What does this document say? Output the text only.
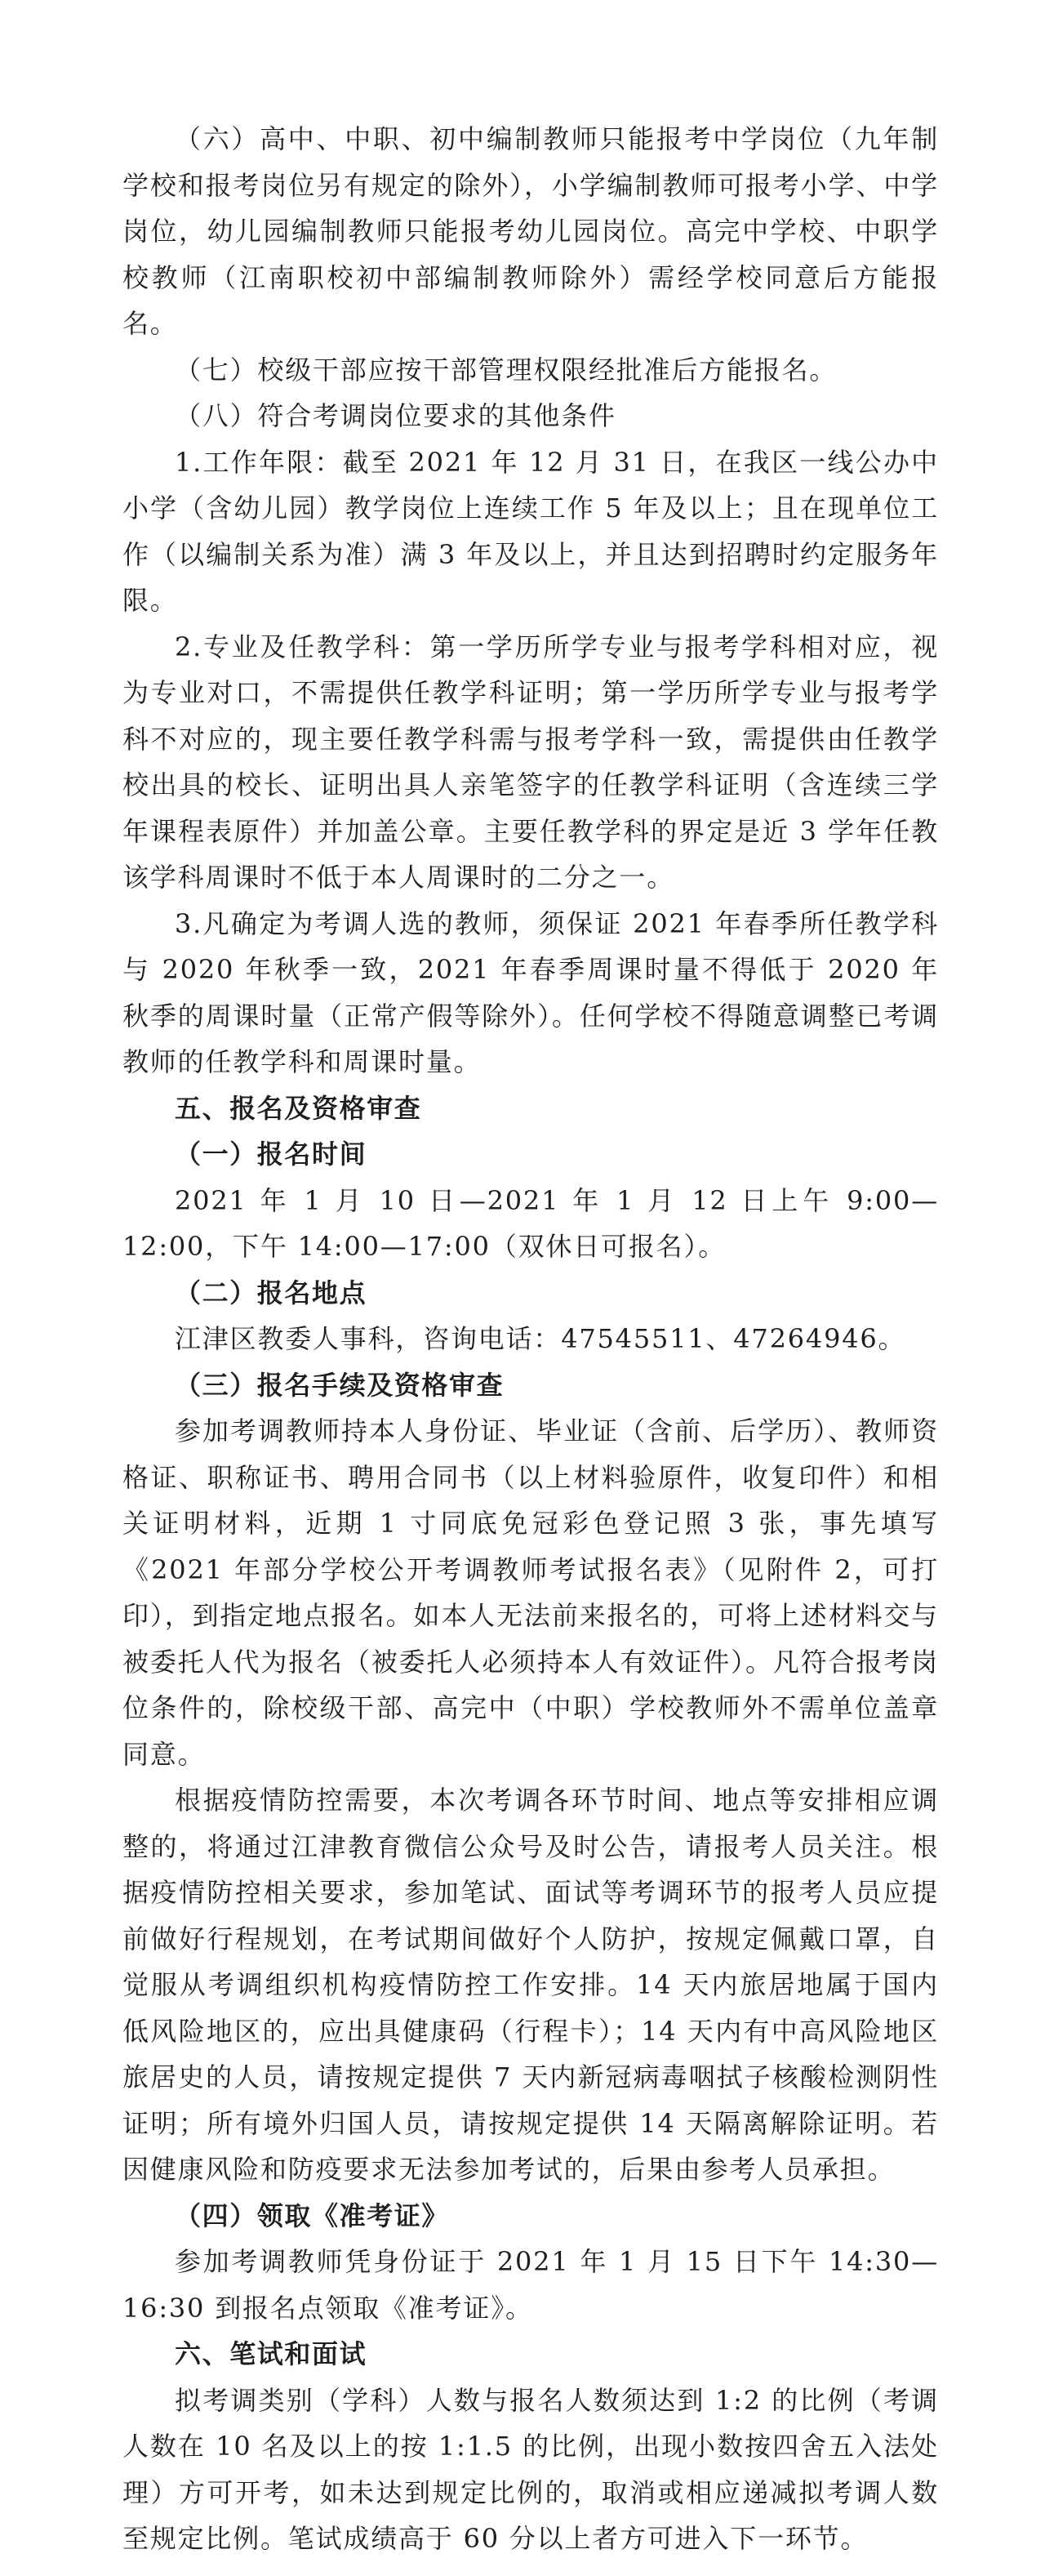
（六）高中、中职、初中编制教师只能报考中学岗位（九年制学校和报考岗位另有规定的除外），小学编制教师可报考小学、中学岗位，幼儿园编制教师只能报考幼儿园岗位。高完中学校、中职学校教师（江南职校初中部编制教师除外）需经学校同意后方能报名。

（七）校级干部应按干部管理权限经批准后方能报名。

（八）符合考调岗位要求的其他条件

1.工作年限：截至 2021 年 12 月 31 日，在我区一线公办中小学（含幼儿园）教学岗位上连续工作 5 年及以上；且在现单位工作（以编制关系为准）满 3 年及以上，并且达到招聘时约定服务年限。

2.专业及任教学科：第一学历所学专业与报考学科相对应，视为专业对口，不需提供任教学科证明；第一学历所学专业与报考学科不对应的，现主要任教学科需与报考学科一致，需提供由任教学校出具的校长、证明出具人亲笔签字的任教学科证明（含连续三学年课程表原件）并加盖公章。主要任教学科的界定是近 3 学年任教该学科周课时不低于本人周课时的二分之一。

3.凡确定为考调人选的教师，须保证 2021 年春季所任教学科与 2020 年秋季一致，2021 年春季周课时量不得低于 2020 年秋季的周课时量（正常产假等除外）。任何学校不得随意调整已考调教师的任教学科和周课时量。

五、报名及资格审查

（一）报名时间

2021 年 1 月 10 日—2021 年 1 月 12 日上午 9:00—12:00，下午 14:00—17:00（双休日可报名）。

（二）报名地点

江津区教委人事科，咨询电话：47545511、47264946。

（三）报名手续及资格审查

参加考调教师持本人身份证、毕业证（含前、后学历）、教师资格证、职称证书、聘用合同书（以上材料验原件，收复印件）和相关证明材料，近期 1 寸同底免冠彩色登记照 3 张，事先填写《2021 年部分学校公开考调教师考试报名表》（见附件 2，可打印），到指定地点报名。如本人无法前来报名的，可将上述材料交与被委托人代为报名（被委托人必须持本人有效证件）。凡符合报考岗位条件的，除校级干部、高完中（中职）学校教师外不需单位盖章同意。

根据疫情防控需要，本次考调各环节时间、地点等安排相应调整的，将通过江津教育微信公众号及时公告，请报考人员关注。根据疫情防控相关要求，参加笔试、面试等考调环节的报考人员应提前做好行程规划，在考试期间做好个人防护，按规定佩戴口罩，自觉服从考调组织机构疫情防控工作安排。14 天内旅居地属于国内低风险地区的，应出具健康码（行程卡）；14 天内有中高风险地区旅居史的人员，请按规定提供 7 天内新冠病毒咽拭子核酸检测阴性证明；所有境外归国人员，请按规定提供 14 天隔离解除证明。若因健康风险和防疫要求无法参加考试的，后果由参考人员承担。

（四）领取《准考证》

参加考调教师凭身份证于 2021 年 1 月 15 日下午 14:30—16:30 到报名点领取《准考证》。

六、笔试和面试

拟考调类别（学科）人数与报名人数须达到 1:2 的比例（考调人数在 10 名及以上的按 1:1.5 的比例，出现小数按四舍五入法处理）方可开考，如未达到规定比例的，取消或相应递减拟考调人数至规定比例。笔试成绩高于 60 分以上者方可进入下一环节。
